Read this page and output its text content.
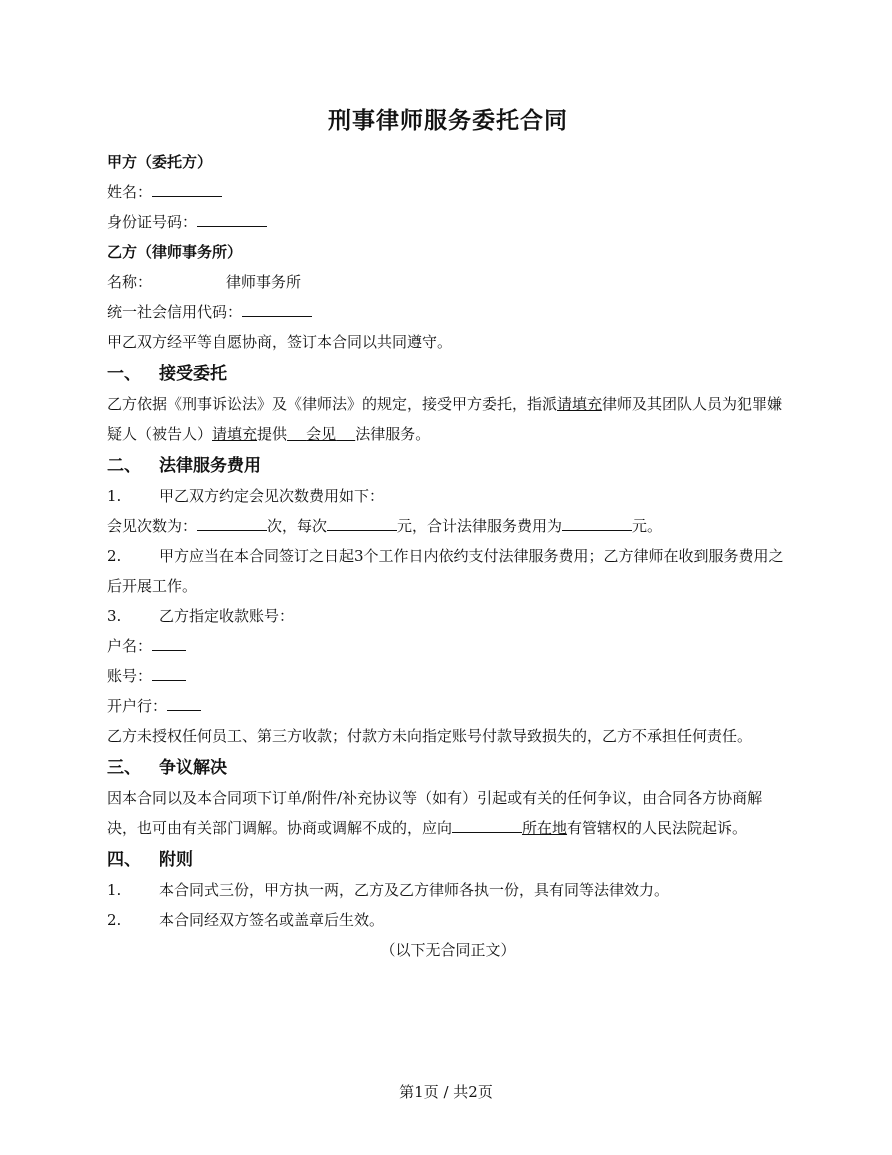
刑事律师服务委托合同
甲方（委托方）
姓名：
身份证号码：
乙方（律师事务所）
名称：	律师事务所
统一社会信用代码：
甲乙双方经平等自愿协商，签订本合同以共同遵守。
一、 接受委托
乙方依据《刑事诉讼法》及《律师法》的规定，接受甲方委托，指派请填充律师及其团队人员为犯罪嫌疑人（被告人）请填充提供 会见 法律服务。
二、 法律服务费用
1.	甲乙双方约定会见次数费用如下：
会见次数为：	次，每次	元，合计法律服务费用为	元。
2.	甲方应当在本合同签订之日起3个工作日内依约支付法律服务费用；乙方律师在收到服务费用之后开展工作。
3.	乙方指定收款账号：
户名：
账号：
开户行：
乙方未授权任何员工、第三方收款；付款方未向指定账号付款导致损失的，乙方不承担任何责任。
三、 争议解决
因本合同以及本合同项下订单/附件/补充协议等（如有）引起或有关的任何争议，由合同各方协商解决，也可由有关部门调解。协商或调解不成的，应向	所在地有管辖权的人民法院起诉。
四、 附则
1.	本合同式三份，甲方执一两，乙方及乙方律师各执一份，具有同等法律效力。
2.	本合同经双方签名或盖章后生效。
（以下无合同正文）
第1页 / 共2页
